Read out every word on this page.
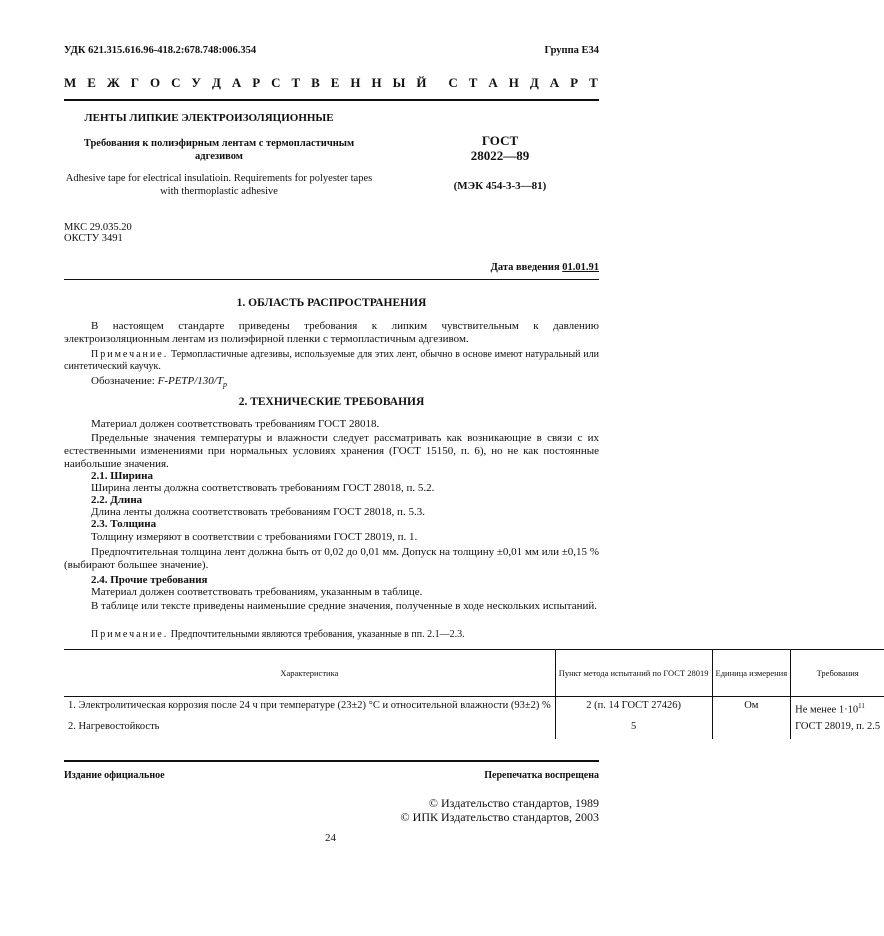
УДК 621.315.616.96-418.2:678.748:006.354	Группа Е34
М Е Ж Г О С У Д А Р С Т В Е Н Н Ы Й С Т А Н Д А Р Т
ЛЕНТЫ ЛИПКИЕ ЭЛЕКТРОИЗОЛЯЦИОННЫЕ
Требования к полиэфирным лентам с термопластичным адгезивом
Adhesive tape for electrical insulatioin. Requirements for polyester tapes with thermoplastic adhesive
ГОСТ
28022—89
(МЭК 454-3-3—81)
МКС 29.035.20
ОКСТУ 3491
Дата введения 01.01.91
1. ОБЛАСТЬ РАСПРОСТРАНЕНИЯ
В настоящем стандарте приведены требования к липким чувствительным к давлению электроизоляционным лентам из полиэфирной пленки с термопластичным адгезивом.
Примечание. Термопластичные адгезивы, используемые для этих лент, обычно в основе имеют натуральный или синтетический каучук.
Обозначение: $F-PETP/130/T_p$
2. ТЕХНИЧЕСКИЕ ТРЕБОВАНИЯ
Материал должен соответствовать требованиям ГОСТ 28018.
Предельные значения температуры и влажности следует рассматривать как возникающие в связи с их естественными изменениями при нормальных условиях хранения (ГОСТ 15150, п. 6), но не как постоянные наибольшие значения.
2.1. Ширина
Ширина ленты должна соответствовать требованиям ГОСТ 28018, п. 5.2.
2.2. Длина
Длина ленты должна соответствовать требованиям ГОСТ 28018, п. 5.3.
2.3. Толщина
Толщину измеряют в соответствии с требованиями ГОСТ 28019, п. 1.
Предпочтительная толщина лент должна быть от 0,02 до 0,01 мм. Допуск на толщину ±0,01 мм или ±0,15 % (выбирают большее значение).
2.4. Прочие требования
Материал должен соответствовать требованиям, указанным в таблице.
В таблице или тексте приведены наименьшие средние значения, полученные в ходе нескольких испытаний.
Примечание. Предпочтительными являются требования, указанные в пп. 2.1—2.3.
Характеристика	Пункт метода испытаний по ГОСТ 28019	Единица измерения	Требования
1. Электролитическая коррозия после 24 ч при температуре (23±2) °С и относительной влажности (93±2) %	2 (п. 14 ГОСТ 27426)	Ом	Не менее $1\cdot 10^{11}$
2. Нагревостойкость	5		ГОСТ 28019, п. 2.5
Издание официальное	Перепечатка воспрещена
© Издательство стандартов, 1989
© ИПК Издательство стандартов, 2003
24
